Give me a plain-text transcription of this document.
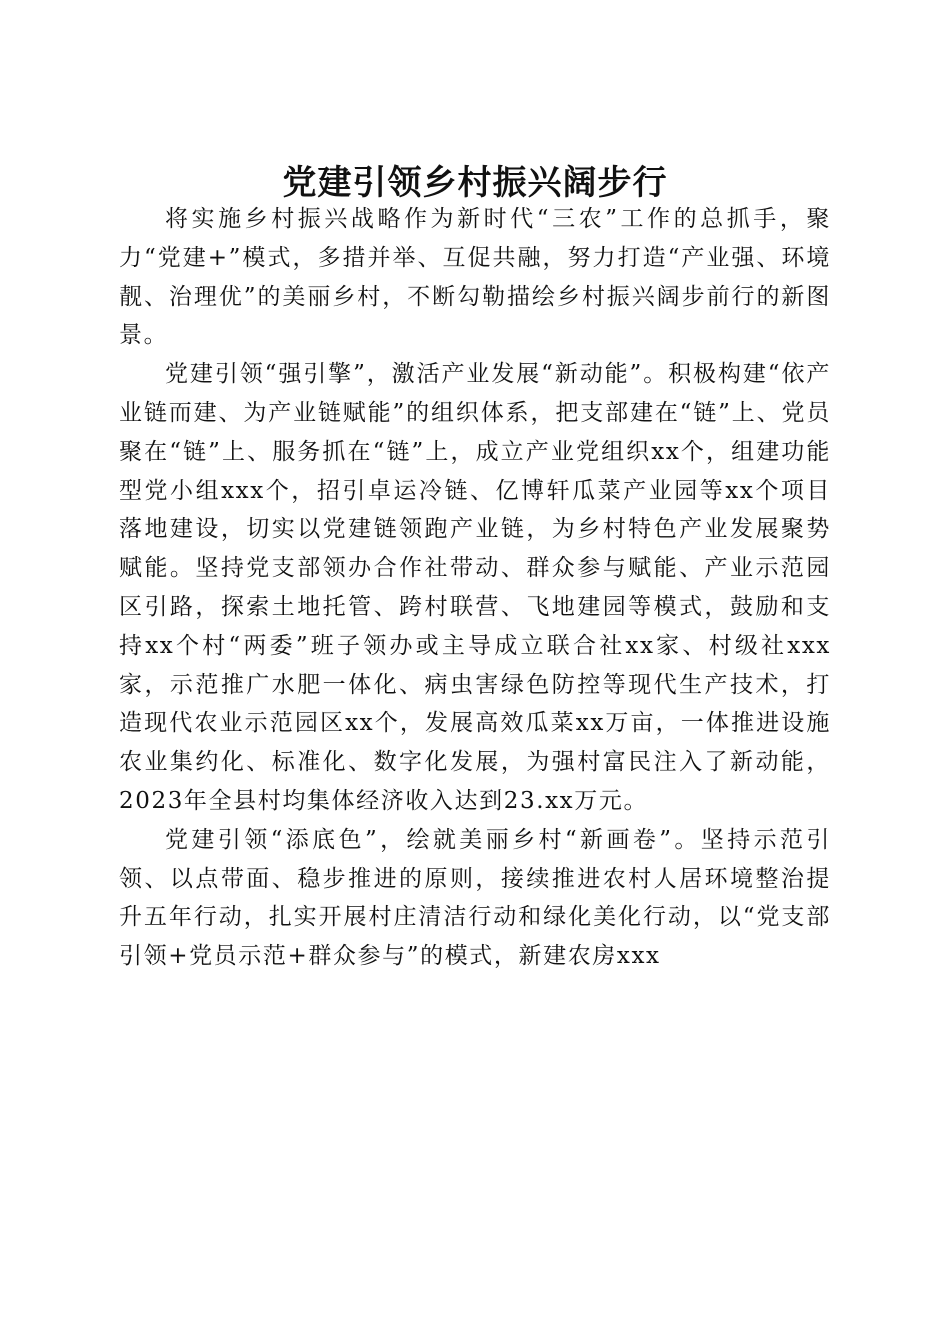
党建引领乡村振兴阔步行

将实施乡村振兴战略作为新时代“三农”工作的总抓手，聚力“党建+”模式，多措并举、互促共融，努力打造“产业强、环境靓、治理优”的美丽乡村，不断勾勒描绘乡村振兴阔步前行的新图景。

党建引领“强引擎”，激活产业发展“新动能”。积极构建“依产业链而建、为产业链赋能”的组织体系，把支部建在“链”上、党员聚在“链”上、服务抓在“链”上，成立产业党组织xx个，组建功能型党小组xxx个，招引卓运冷链、亿博轩瓜菜产业园等xx个项目落地建设，切实以党建链领跑产业链，为乡村特色产业发展聚势赋能。坚持党支部领办合作社带动、群众参与赋能、产业示范园区引路，探索土地托管、跨村联营、飞地建园等模式，鼓励和支持xx个村“两委”班子领办或主导成立联合社xx家、村级社xxx家，示范推广水肥一体化、病虫害绿色防控等现代生产技术，打造现代农业示范园区xx个，发展高效瓜菜xx万亩，一体推进设施农业集约化、标准化、数字化发展，为强村富民注入了新动能，2023年全县村均集体经济收入达到23.xx万元。

党建引领“添底色”，绘就美丽乡村“新画卷”。坚持示范引领、以点带面、稳步推进的原则，接续推进农村人居环境整治提升五年行动，扎实开展村庄清洁行动和绿化美化行动，以“党支部引领+党员示范+群众参与”的模式，新建农房xxx
